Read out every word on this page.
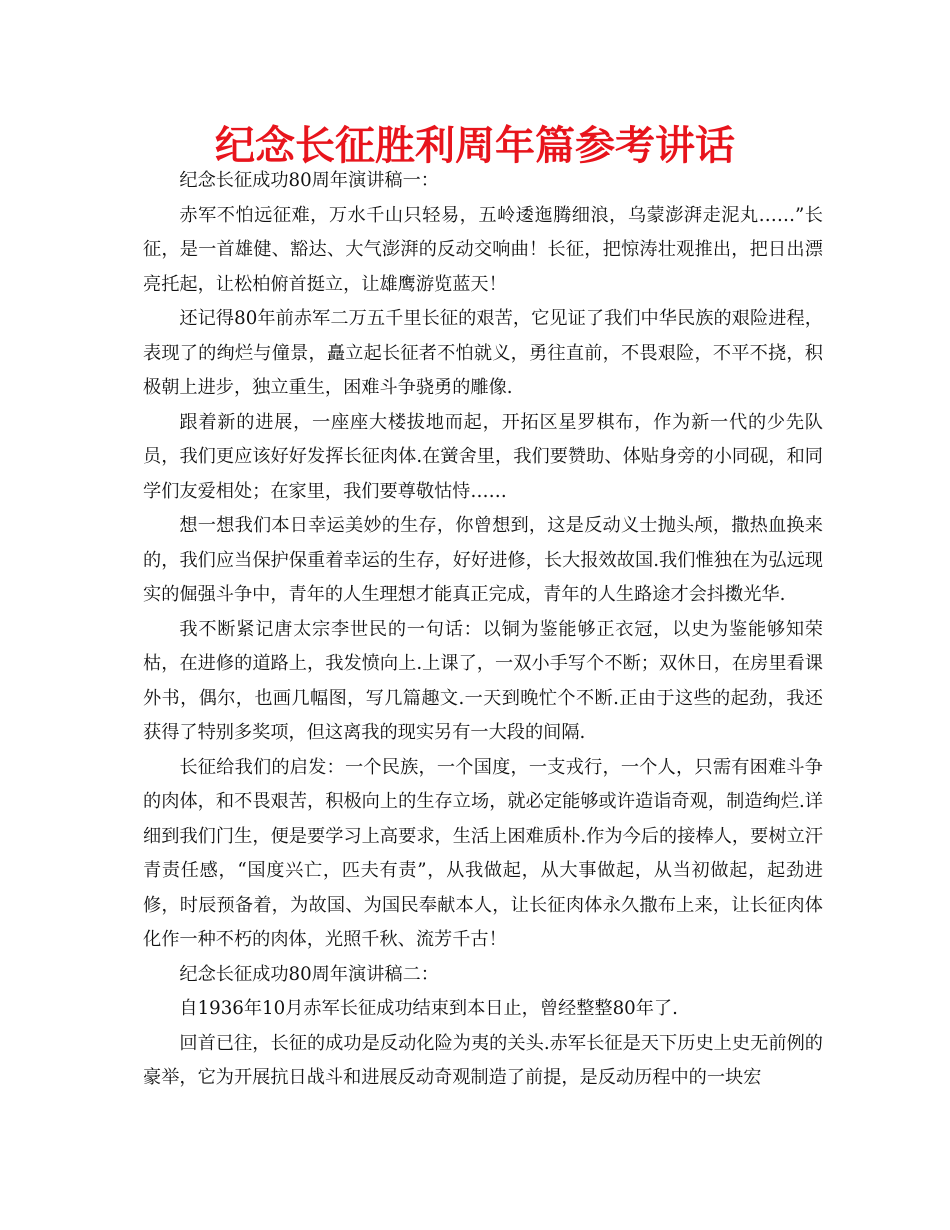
纪念长征胜利周年篇参考讲话

纪念长征成功80周年演讲稿一：

赤军不怕远征难，万水千山只轻易，五岭逶迤腾细浪，乌蒙澎湃走泥丸……”长征，是一首雄健、豁达、大气澎湃的反动交响曲！长征，把惊涛壮观推出，把日出漂亮托起，让松柏俯首挺立，让雄鹰游览蓝天！

还记得80年前赤军二万五千里长征的艰苦，它见证了我们中华民族的艰险进程，表现了的绚烂与僮景，矗立起长征者不怕就义，勇往直前，不畏艰险，不平不挠，积极朝上进步，独立重生，困难斗争骁勇的雕像.

跟着新的进展，一座座大楼拔地而起，开拓区星罗棋布，作为新一代的少先队员，我们更应该好好发挥长征肉体.在黉舍里，我们要赞助、体贴身旁的小同砚，和同学们友爱相处；在家里，我们要尊敬怙恃……

想一想我们本日幸运美妙的生存，你曾想到，这是反动义士抛头颅，撒热血换来的，我们应当保护保重着幸运的生存，好好进修，长大报效故国.我们惟独在为弘远现实的倔强斗争中，青年的人生理想才能真正完成，青年的人生路途才会抖擞光华.

我不断紧记唐太宗李世民的一句话：以铜为鉴能够正衣冠，以史为鉴能够知荣枯，在进修的道路上，我发愤向上.上课了，一双小手写个不断；双休日，在房里看课外书，偶尔，也画几幅图，写几篇趣文.一天到晚忙个不断.正由于这些的起劲，我还获得了特别多奖项，但这离我的现实另有一大段的间隔.

长征给我们的启发：一个民族，一个国度，一支戎行，一个人，只需有困难斗争的肉体，和不畏艰苦，积极向上的生存立场，就必定能够或许造诣奇观，制造绚烂.详细到我们门生，便是要学习上高要求，生活上困难质朴.作为今后的接棒人，要树立汗青责任感，“国度兴亡，匹夫有责”，从我做起，从大事做起，从当初做起，起劲进修，时辰预备着，为故国、为国民奉献本人，让长征肉体永久撒布上来，让长征肉体化作一种不朽的肉体，光照千秋、流芳千古！

纪念长征成功80周年演讲稿二：

自1936年10月赤军长征成功结束到本日止，曾经整整80年了.

回首已往，长征的成功是反动化险为夷的关头.赤军长征是天下历史上史无前例的豪举，它为开展抗日战斗和进展反动奇观制造了前提，是反动历程中的一块宏
